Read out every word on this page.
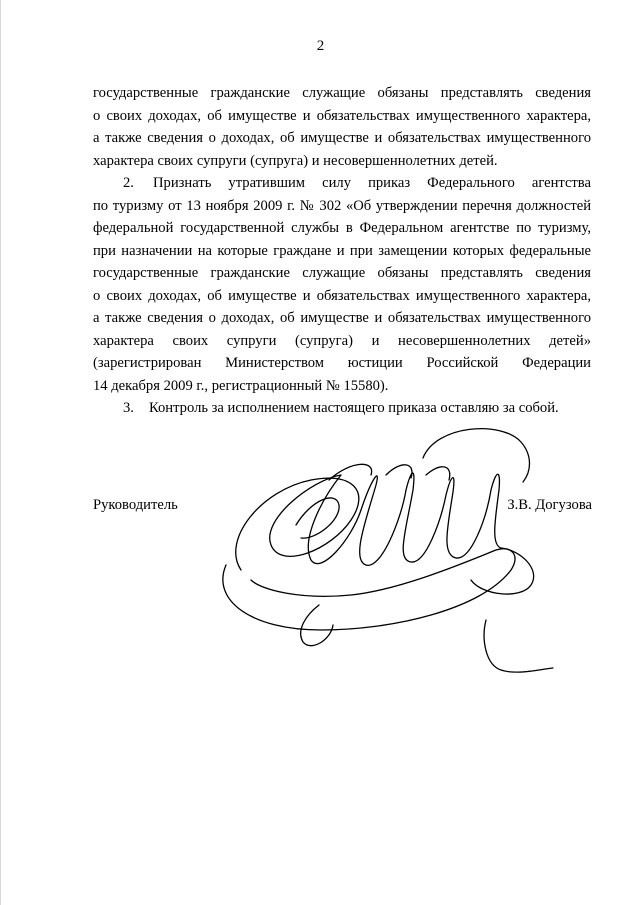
2
государственные гражданские служащие обязаны представлять сведения
о своих доходах, об имуществе и обязательствах имущественного характера,
а также сведения о доходах, об имуществе и обязательствах имущественного
характера своих супруги (супруга) и несовершеннолетних детей.
2. Признать утратившим силу приказ Федерального агентства
по туризму от 13 ноября 2009 г. № 302 «Об утверждении перечня должностей
федеральной государственной службы в Федеральном агентстве по туризму,
при назначении на которые граждане и при замещении которых федеральные
государственные гражданские служащие обязаны представлять сведения
о своих доходах, об имуществе и обязательствах имущественного характера,
а также сведения о доходах, об имуществе и обязательствах имущественного
характера своих супруги (супруга) и несовершеннолетних детей»
(зарегистрирован Министерством юстиции Российской Федерации
14 декабря 2009 г., регистрационный № 15580).
3. Контроль за исполнением настоящего приказа оставляю за собой.
Руководитель	З.В. Догузова
